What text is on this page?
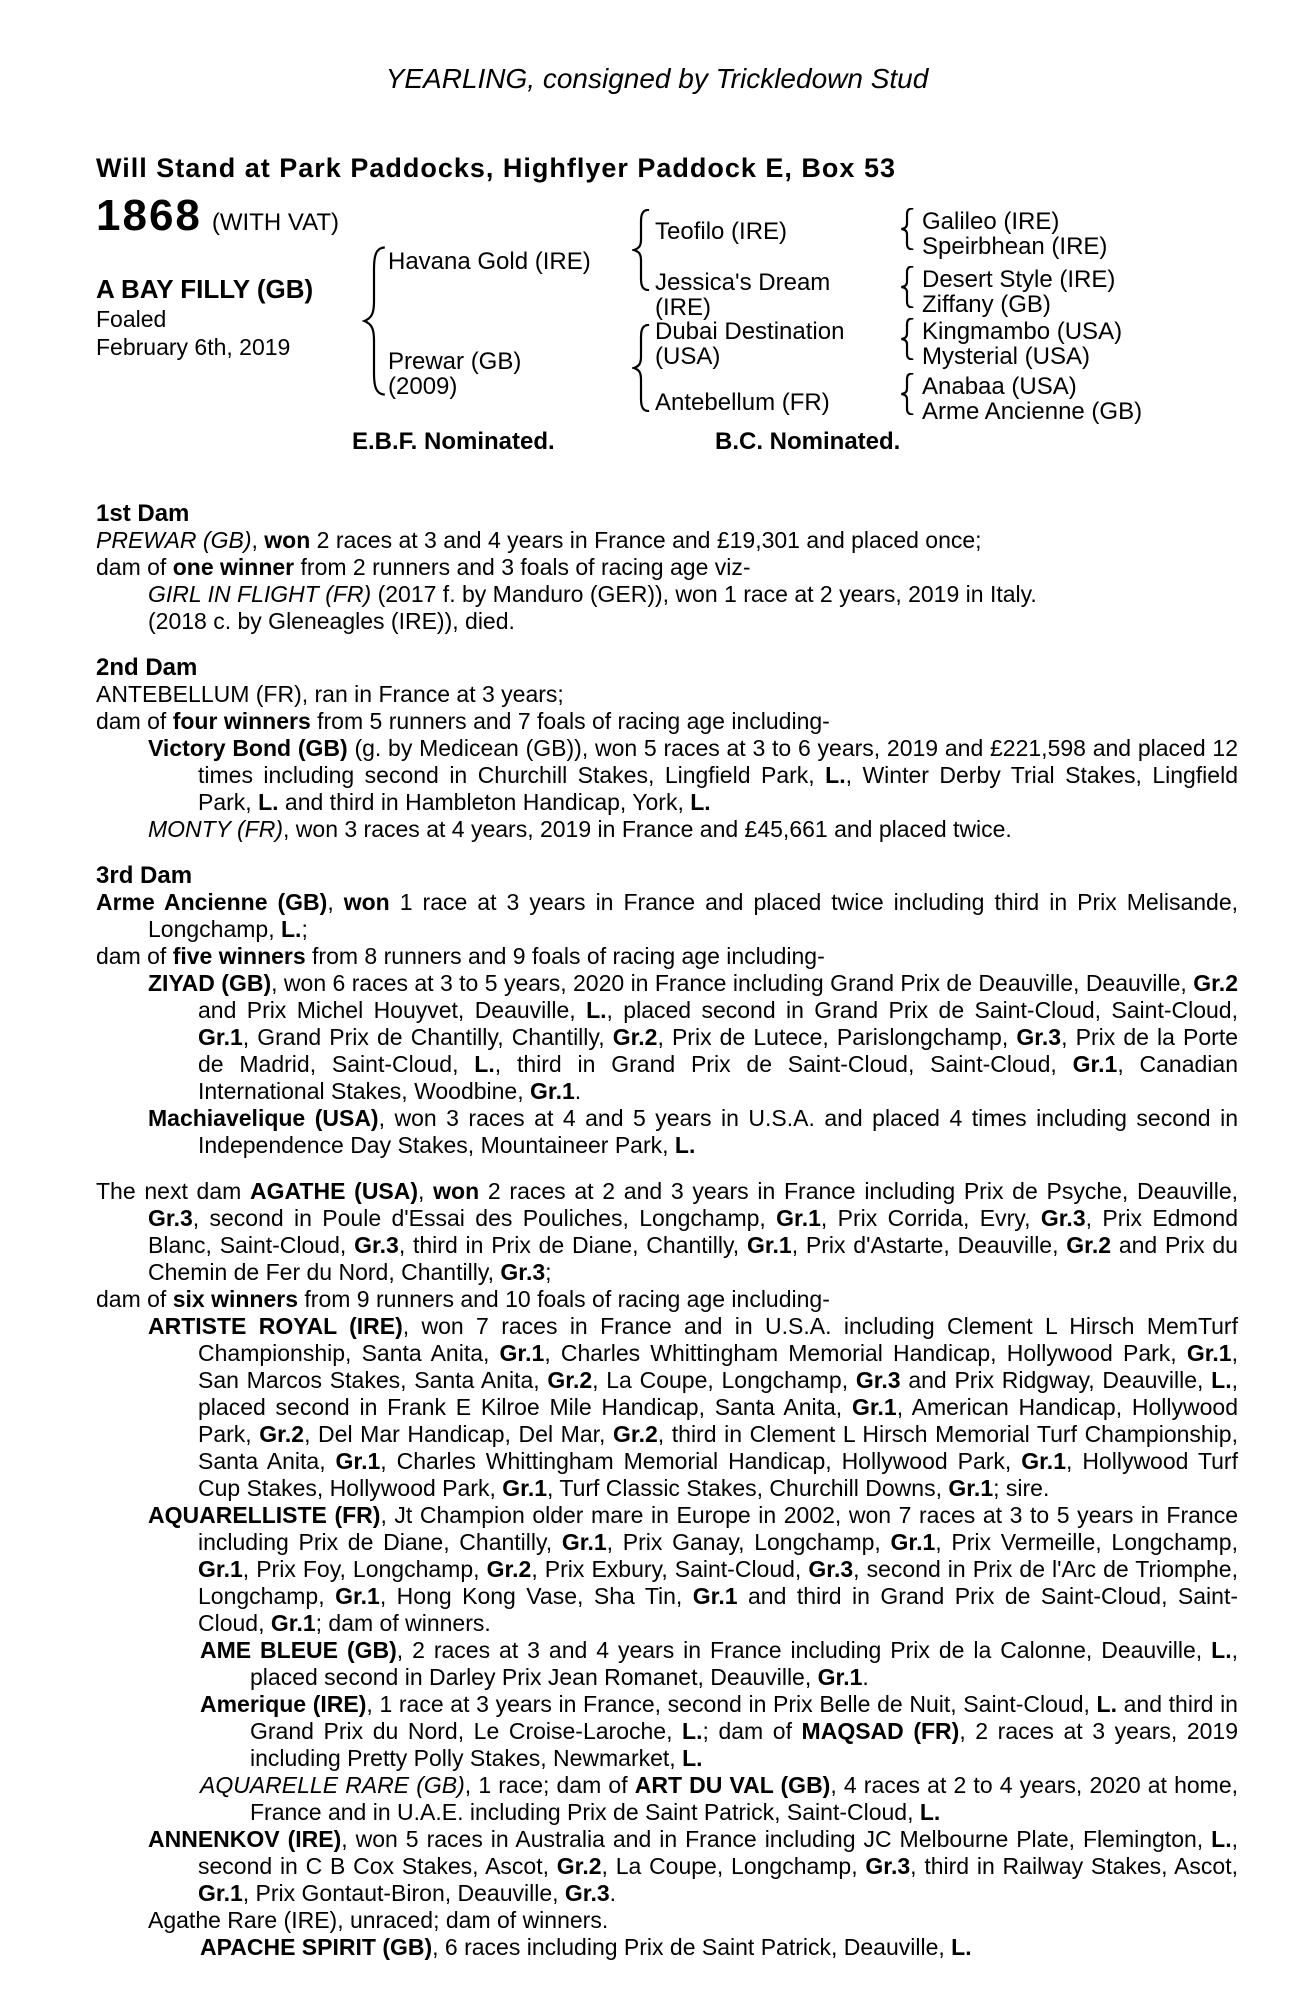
YEARLING, consigned by Trickledown Stud
Will Stand at Park Paddocks, Highflyer Paddock E, Box 53
1868 (WITH VAT)
A BAY FILLY (GB)
Foaled
February 6th, 2019
Havana Gold (IRE)
Prewar (GB)
(2009)
Teofilo (IRE)
Jessica's Dream (IRE)
Dubai Destination (USA)
Antebellum (FR)
Galileo (IRE)
Speirbhean (IRE)
Desert Style (IRE)
Ziffany (GB)
Kingmambo (USA)
Mysterial (USA)
Anabaa (USA)
Arme Ancienne (GB)
E.B.F. Nominated.	B.C. Nominated.
1st Dam

PREWAR (GB), won 2 races at 3 and 4 years in France and £19,301 and placed once;

dam of one winner from 2 runners and 3 foals of racing age viz-

GIRL IN FLIGHT (FR) (2017 f. by Manduro (GER)), won 1 race at 2 years, 2019 in Italy.

(2018 c. by Gleneagles (IRE)), died.

2nd Dam

ANTEBELLUM (FR), ran in France at 3 years;

dam of four winners from 5 runners and 7 foals of racing age including-

Victory Bond (GB) (g. by Medicean (GB)), won 5 races at 3 to 6 years, 2019 and £221,598 and placed 12 times including second in Churchill Stakes, Lingfield Park, L., Winter Derby Trial Stakes, Lingfield Park, L. and third in Hambleton Handicap, York, L.

MONTY (FR), won 3 races at 4 years, 2019 in France and £45,661 and placed twice.

3rd Dam

Arme Ancienne (GB), won 1 race at 3 years in France and placed twice including third in Prix Melisande, Longchamp, L.;

dam of five winners from 8 runners and 9 foals of racing age including-

ZIYAD (GB), won 6 races at 3 to 5 years, 2020 in France including Grand Prix de Deauville, Deauville, Gr.2 and Prix Michel Houyvet, Deauville, L., placed second in Grand Prix de Saint-Cloud, Saint-Cloud, Gr.1, Grand Prix de Chantilly, Chantilly, Gr.2, Prix de Lutece, Parislongchamp, Gr.3, Prix de la Porte de Madrid, Saint-Cloud, L., third in Grand Prix de Saint-Cloud, Saint-Cloud, Gr.1, Canadian International Stakes, Woodbine, Gr.1.

Machiavelique (USA), won 3 races at 4 and 5 years in U.S.A. and placed 4 times including second in Independence Day Stakes, Mountaineer Park, L.

The next dam AGATHE (USA), won 2 races at 2 and 3 years in France including Prix de Psyche, Deauville, Gr.3, second in Poule d'Essai des Pouliches, Longchamp, Gr.1, Prix Corrida, Evry, Gr.3, Prix Edmond Blanc, Saint-Cloud, Gr.3, third in Prix de Diane, Chantilly, Gr.1, Prix d'Astarte, Deauville, Gr.2 and Prix du Chemin de Fer du Nord, Chantilly, Gr.3;

dam of six winners from 9 runners and 10 foals of racing age including-

ARTISTE ROYAL (IRE), won 7 races in France and in U.S.A. including Clement L Hirsch MemTurf Championship, Santa Anita, Gr.1, Charles Whittingham Memorial Handicap, Hollywood Park, Gr.1, San Marcos Stakes, Santa Anita, Gr.2, La Coupe, Longchamp, Gr.3 and Prix Ridgway, Deauville, L., placed second in Frank E Kilroe Mile Handicap, Santa Anita, Gr.1, American Handicap, Hollywood Park, Gr.2, Del Mar Handicap, Del Mar, Gr.2, third in Clement L Hirsch Memorial Turf Championship, Santa Anita, Gr.1, Charles Whittingham Memorial Handicap, Hollywood Park, Gr.1, Hollywood Turf Cup Stakes, Hollywood Park, Gr.1, Turf Classic Stakes, Churchill Downs, Gr.1; sire.

AQUARELLISTE (FR), Jt Champion older mare in Europe in 2002, won 7 races at 3 to 5 years in France including Prix de Diane, Chantilly, Gr.1, Prix Ganay, Longchamp, Gr.1, Prix Vermeille, Longchamp, Gr.1, Prix Foy, Longchamp, Gr.2, Prix Exbury, Saint-Cloud, Gr.3, second in Prix de l'Arc de Triomphe, Longchamp, Gr.1, Hong Kong Vase, Sha Tin, Gr.1 and third in Grand Prix de Saint-Cloud, Saint-Cloud, Gr.1; dam of winners.

AME BLEUE (GB), 2 races at 3 and 4 years in France including Prix de la Calonne, Deauville, L., placed second in Darley Prix Jean Romanet, Deauville, Gr.1.

Amerique (IRE), 1 race at 3 years in France, second in Prix Belle de Nuit, Saint-Cloud, L. and third in Grand Prix du Nord, Le Croise-Laroche, L.; dam of MAQSAD (FR), 2 races at 3 years, 2019 including Pretty Polly Stakes, Newmarket, L.

AQUARELLE RARE (GB), 1 race; dam of ART DU VAL (GB), 4 races at 2 to 4 years, 2020 at home, France and in U.A.E. including Prix de Saint Patrick, Saint-Cloud, L.

ANNENKOV (IRE), won 5 races in Australia and in France including JC Melbourne Plate, Flemington, L., second in C B Cox Stakes, Ascot, Gr.2, La Coupe, Longchamp, Gr.3, third in Railway Stakes, Ascot, Gr.1, Prix Gontaut-Biron, Deauville, Gr.3.

Agathe Rare (IRE), unraced; dam of winners.

APACHE SPIRIT (GB), 6 races including Prix de Saint Patrick, Deauville, L.
